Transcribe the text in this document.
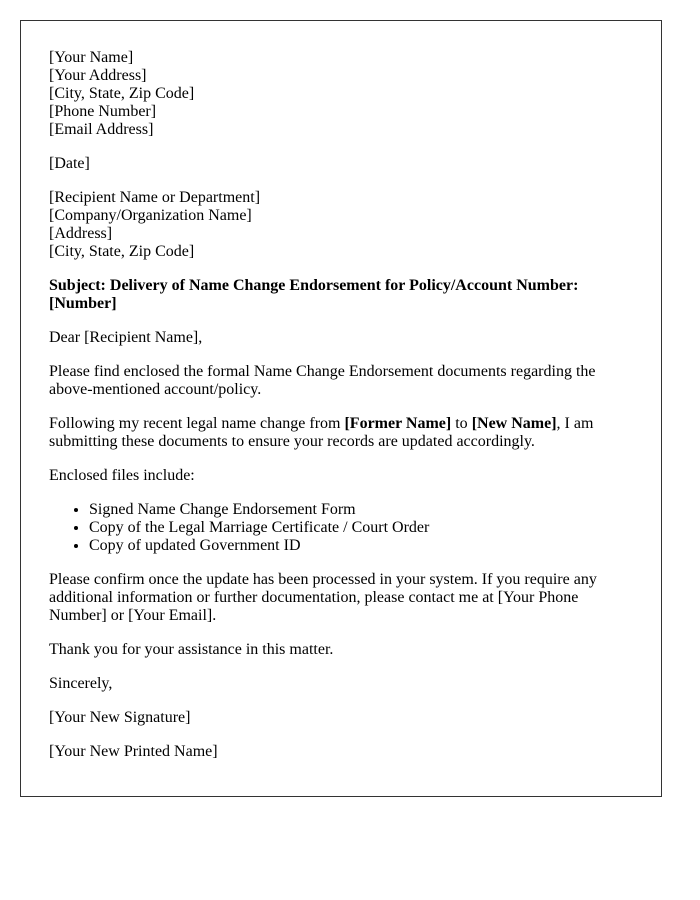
[Your Name]
[Your Address]
[City, State, Zip Code]
[Phone Number]
[Email Address]

[Date]

[Recipient Name or Department]
[Company/Organization Name]
[Address]
[City, State, Zip Code]

Subject: Delivery of Name Change Endorsement for Policy/Account Number: [Number]

Dear [Recipient Name],

Please find enclosed the formal Name Change Endorsement documents regarding the above-mentioned account/policy.

Following my recent legal name change from [Former Name] to [New Name], I am submitting these documents to ensure your records are updated accordingly.

Enclosed files include:

• Signed Name Change Endorsement Form
• Copy of the Legal Marriage Certificate / Court Order
• Copy of updated Government ID

Please confirm once the update has been processed in your system. If you require any additional information or further documentation, please contact me at [Your Phone Number] or [Your Email].

Thank you for your assistance in this matter.

Sincerely,

[Your New Signature]

[Your New Printed Name]
